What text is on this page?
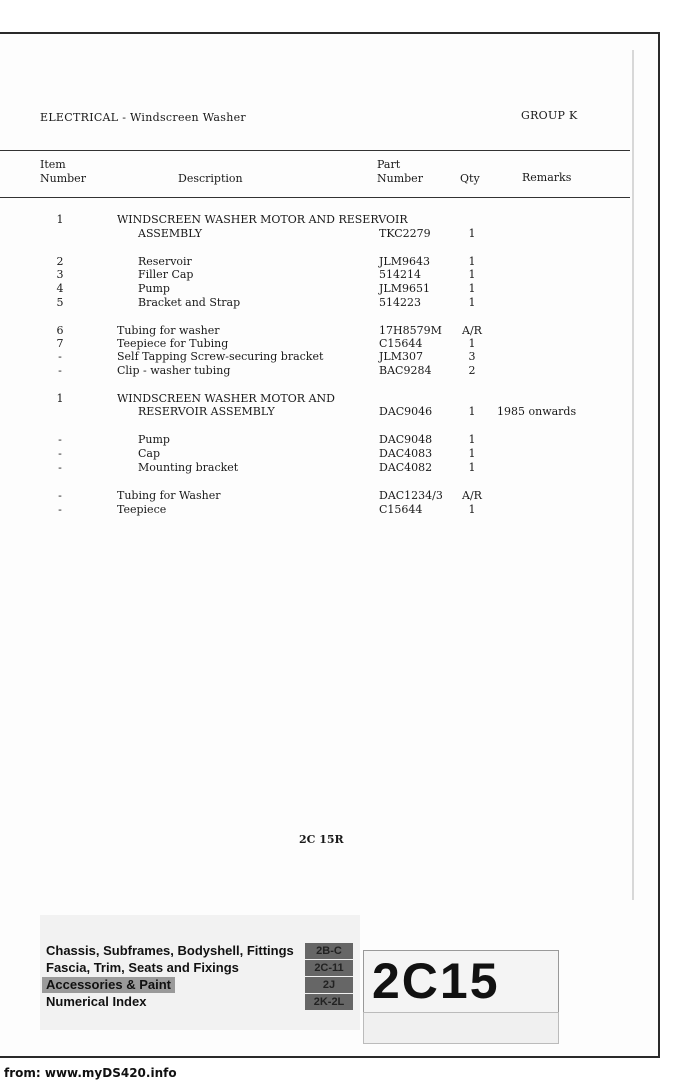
ELECTRICAL - Windscreen Washer	GROUP K
Item
Number	Description
Part
Number	Qty	Remarks
1	WINDSCREEN WASHER MOTOR AND RESERVOIR
ASSEMBLY	TKC2279	1
2	Reservoir	JLM9643	1
3	Filler Cap	514214	1
4	Pump	JLM9651	1
5	Bracket and Strap	514223	1
6	Tubing for washer	17H8579M A/R
7	Teepiece for Tubing	C15644	1
-	Self Tapping Screw-securing bracket	JLM307	3
-	Clip - washer tubing	BAC9284	2
1	WINDSCREEN WASHER MOTOR AND
RESERVOIR ASSEMBLY	DAC9046	1	1985 onwards
-	Pump	DAC9048	1
-	Cap	DAC4083	1
-	Mounting bracket	DAC4082	1
-	Tubing for Washer	DAC1234/3 A/R
-	Teepiece	C15644	1
2C 15R
Chassis, Subframes, Bodyshell, Fittings	2B-C
Fascia, Trim, Seats and Fixings	2C-11
Accessories & Paint	2J
Numerical Index	2K-2L 2C15
from: www.myDS420.info
